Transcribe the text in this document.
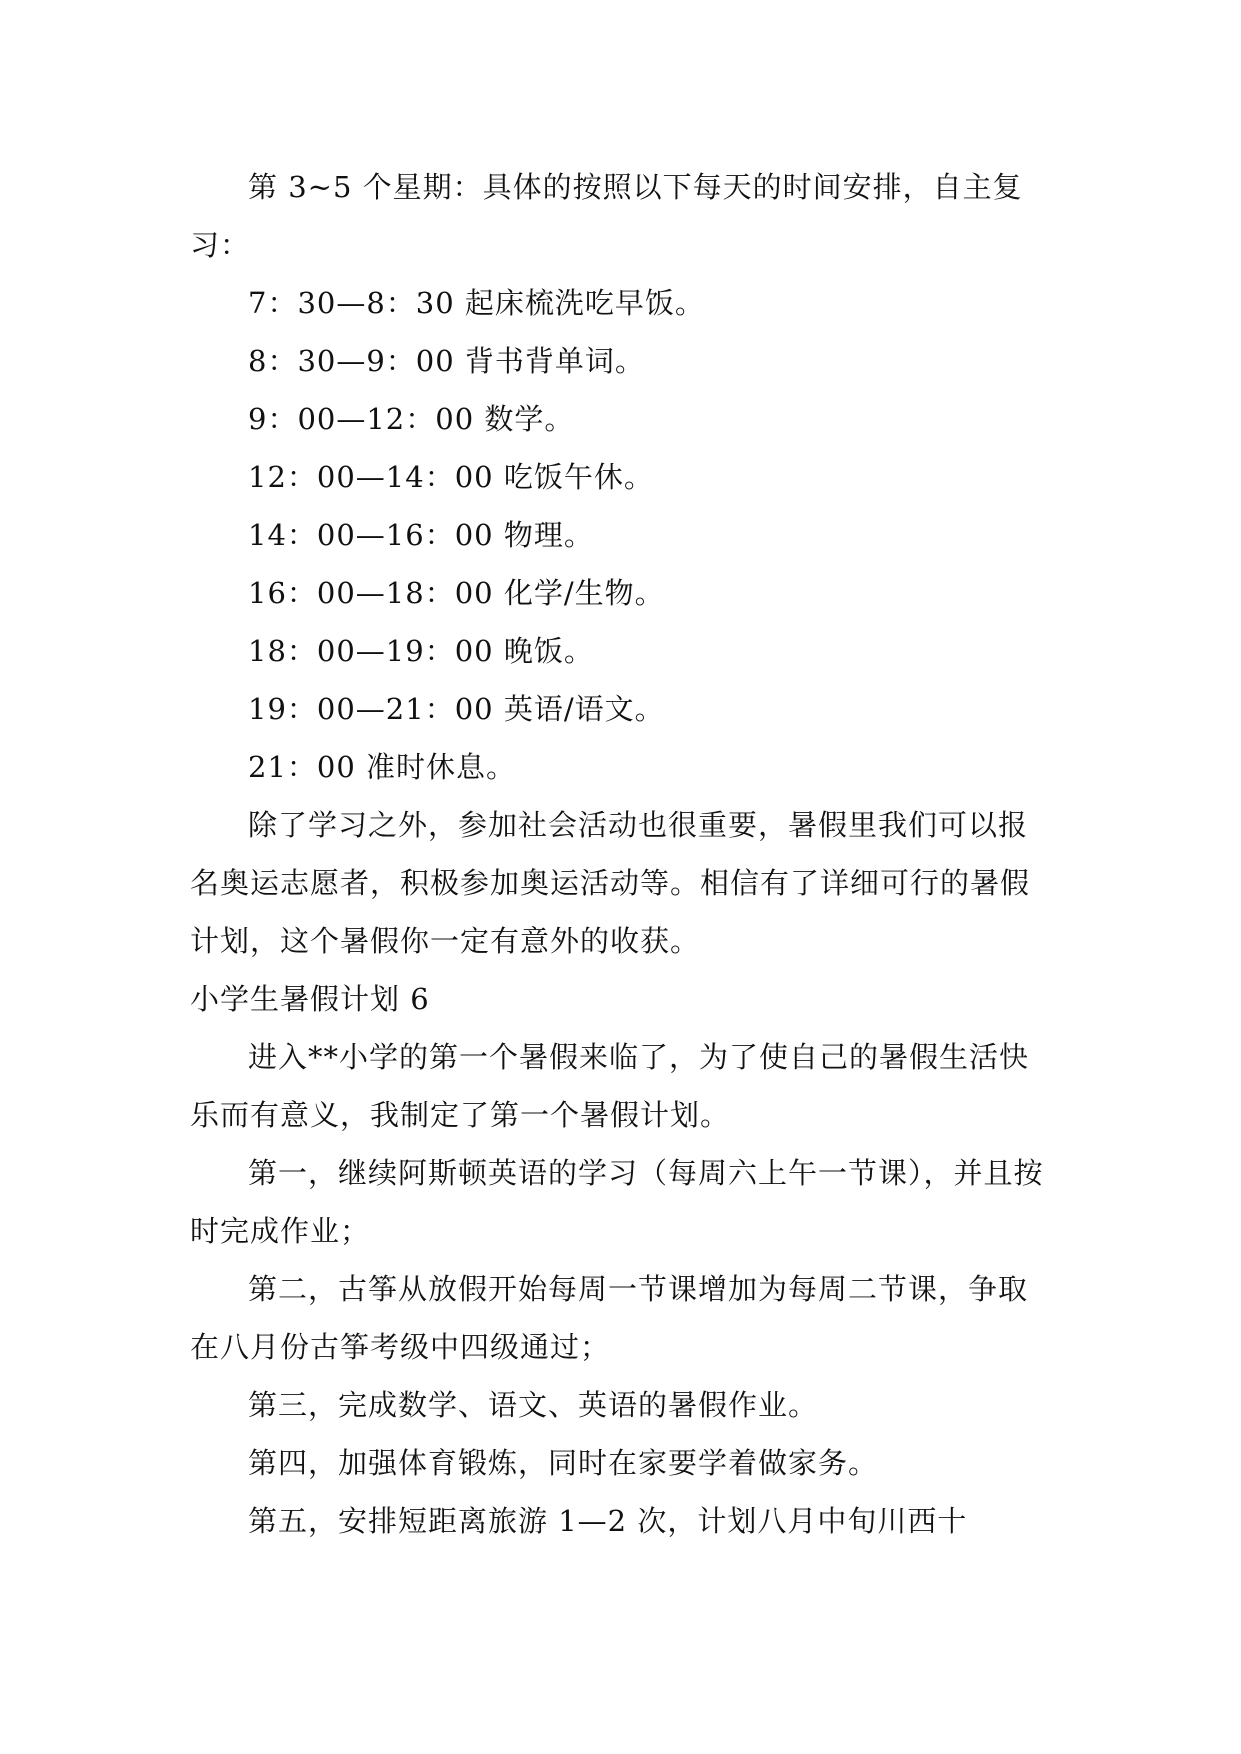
第 3~5 个星期：具体的按照以下每天的时间安排，自主复习：

7：30—8：30 起床梳洗吃早饭。

8：30—9：00 背书背单词。

9：00—12：00 数学。

12：00—14：00 吃饭午休。

14：00—16：00 物理。

16：00—18：00 化学/生物。

18：00—19：00 晚饭。

19：00—21：00 英语/语文。

21：00 准时休息。

除了学习之外，参加社会活动也很重要，暑假里我们可以报名奥运志愿者，积极参加奥运活动等。相信有了详细可行的暑假计划，这个暑假你一定有意外的收获。

小学生暑假计划 6

进入**小学的第一个暑假来临了，为了使自己的暑假生活快乐而有意义，我制定了第一个暑假计划。

第一，继续阿斯顿英语的学习（每周六上午一节课），并且按时完成作业；

第二，古筝从放假开始每周一节课增加为每周二节课，争取在八月份古筝考级中四级通过；

第三，完成数学、语文、英语的暑假作业。

第四，加强体育锻炼，同时在家要学着做家务。

第五，安排短距离旅游 1—2 次，计划八月中旬川西十
